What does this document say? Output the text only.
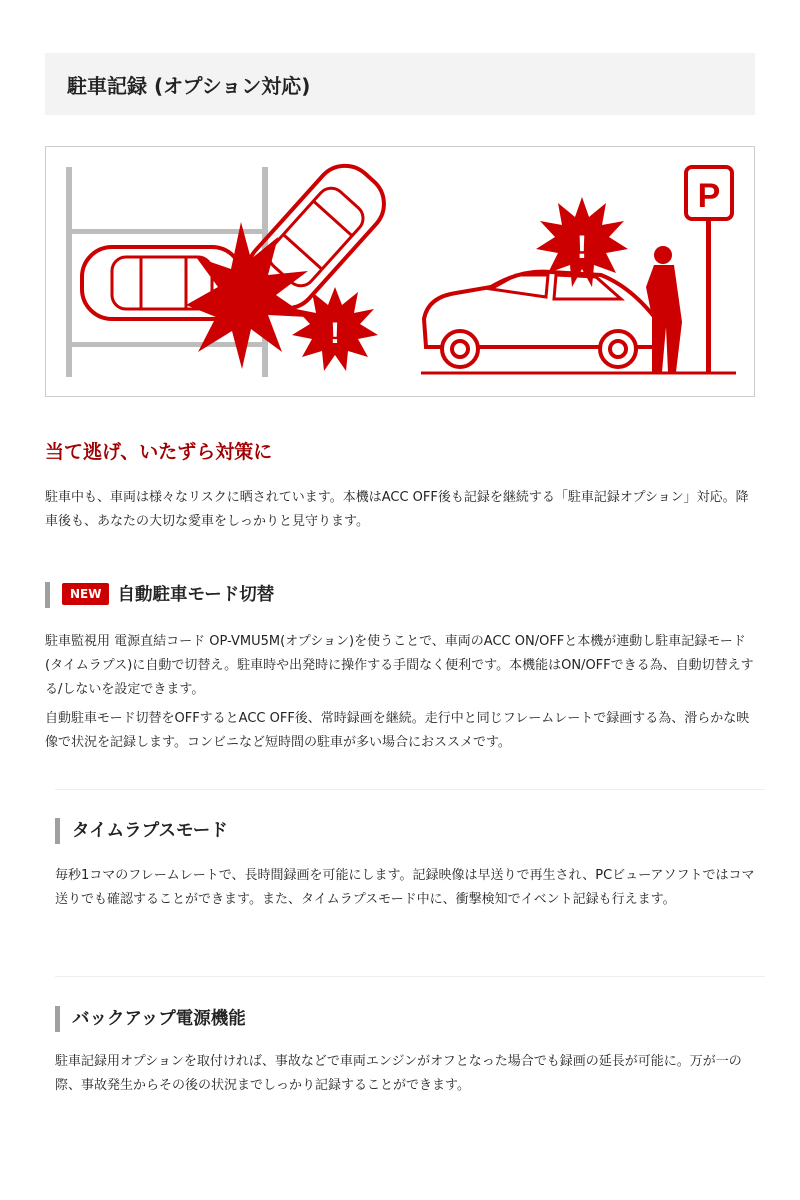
駐車記録 (オプション対応)
!
!
P
当て逃げ、いたずら対策に

駐車中も、車両は様々なリスクに晒されています。本機はACC OFF後も記録を継続する「駐車記録オプション」対応。降車後も、あなたの大切な愛車をしっかりと見守ります。

NEW 自動駐車モード切替

駐車監視用 電源直結コード OP-VMU5M(オプション)を使うことで、車両のACC ON/OFFと本機が連動し駐車記録モード(タイムラプス)に自動で切替え。駐車時や出発時に操作する手間なく便利です。本機能はON/OFFできる為、自動切替えする/しないを設定できます。

自動駐車モード切替をOFFするとACC OFF後、常時録画を継続。走行中と同じフレームレートで録画する為、滑らかな映像で状況を記録します。コンビニなど短時間の駐車が多い場合におススメです。

タイムラプスモード

毎秒1コマのフレームレートで、長時間録画を可能にします。記録映像は早送りで再生され、PCビューアソフトではコマ送りでも確認することができます。また、タイムラプスモード中に、衝撃検知でイベント記録も行えます。

バックアップ電源機能

駐車記録用オプションを取付ければ、事故などで車両エンジンがオフとなった場合でも録画の延長が可能に。万が一の際、事故発生からその後の状況までしっかり記録することができます。
